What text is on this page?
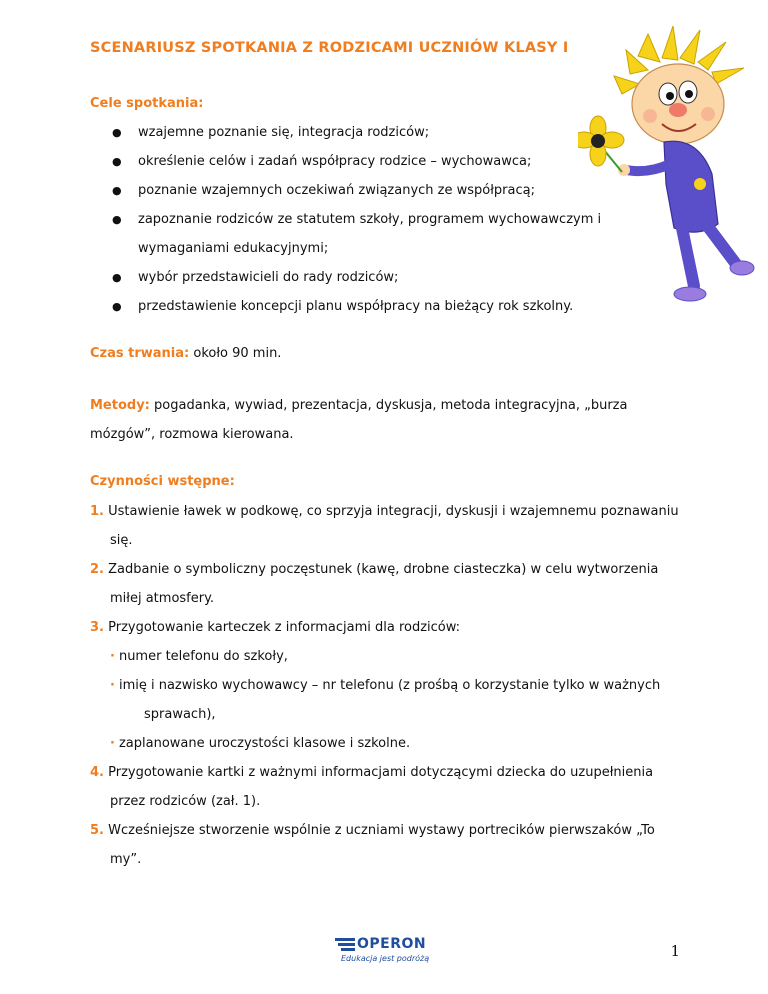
SCENARIUSZ SPOTKANIA Z RODZICAMI UCZNIÓW KLASY I
Cele spotkania:
● wzajemne poznanie się, integracja rodziców;
● określenie celów i zadań współpracy rodzice – wychowawca;
● poznanie wzajemnych oczekiwań związanych ze współpracą;
● zapoznanie rodziców ze statutem szkoły, programem wychowawczym i wymaganiami edukacyjnymi;
● wybór przedstawicieli do rady rodziców;
● przedstawienie koncepcji planu współpracy na bieżący rok szkolny.
Czas trwania: około 90 min.
Metody: pogadanka, wywiad, prezentacja, dyskusja, metoda integracyjna, „burza mózgów”, rozmowa kierowana.
Czynności wstępne:
1. Ustawienie ławek w podkowę, co sprzyja integracji, dyskusji i wzajemnemu poznawaniu
się.
2. Zadbanie o symboliczny poczęstunek (kawę, drobne ciasteczka) w celu wytworzenia
miłej atmosfery.
3. Przygotowanie karteczek z informacjami dla rodziców:
· numer telefonu do szkoły,
· imię i nazwisko wychowawcy – nr telefonu (z prośbą o korzystanie tylko w ważnych
sprawach),
· zaplanowane uroczystości klasowe i szkolne.
4. Przygotowanie kartki z ważnymi informacjami dotyczącymi dziecka do uzupełnienia
przez rodziców (zał. 1).
5. Wcześniejsze stworzenie wspólnie z uczniami wystawy portrecików pierwszaków „To
my”.
OPERON
Edukacja jest podróżą	1
